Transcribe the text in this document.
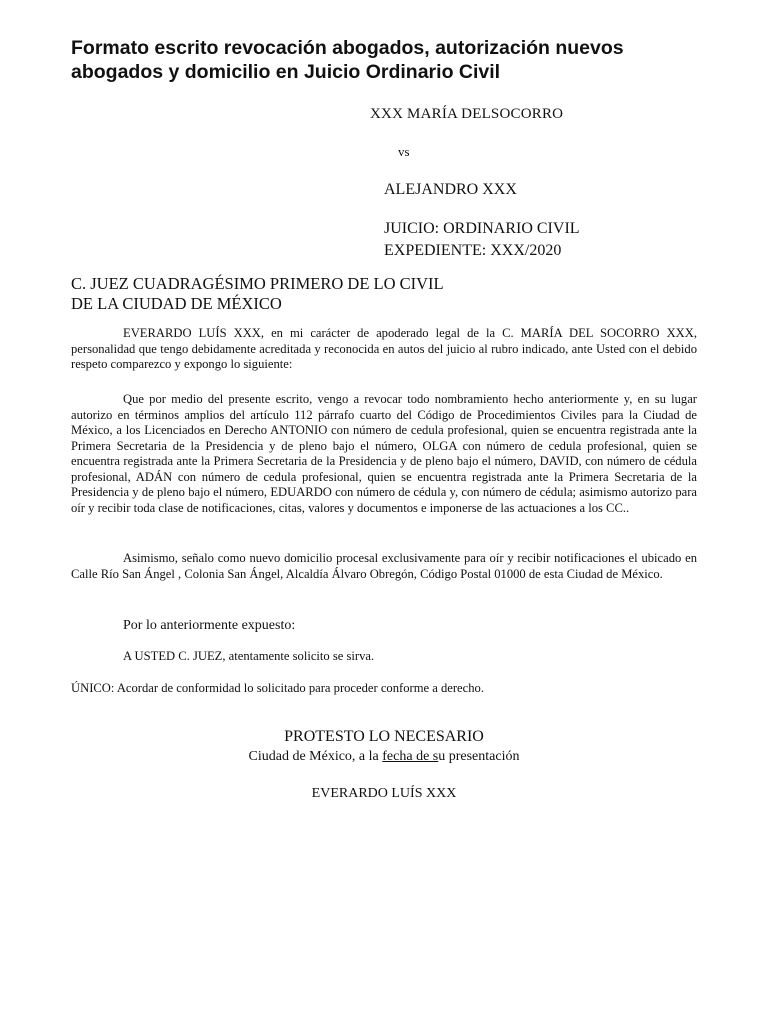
Formato escrito revocación abogados, autorización nuevos abogados y domicilio en Juicio Ordinario Civil
XXX MARÍA DELSOCORRO
vs
ALEJANDRO XXX
JUICIO: ORDINARIO CIVIL
EXPEDIENTE: XXX/2020
C. JUEZ CUADRAGÉSIMO PRIMERO DE LO CIVIL
DE LA CIUDAD DE MÉXICO

EVERARDO LUÍS XXX, en mi carácter de apoderado legal de la C. MARÍA DEL SOCORRO XXX, personalidad que tengo debidamente acreditada y reconocida en autos del juicio al rubro indicado, ante Usted con el debido respeto comparezco y expongo lo siguiente:

Que por medio del presente escrito, vengo a revocar todo nombramiento hecho anteriormente y, en su lugar autorizo en términos amplios del artículo 112 párrafo cuarto del Código de Procedimientos Civiles para la Ciudad de México, a los Licenciados en Derecho ANTONIO con número de cedula profesional, quien se encuentra registrada ante la Primera Secretaria de la Presidencia y de pleno bajo el número, OLGA con número de cedula profesional, quien se encuentra registrada ante la Primera Secretaria de la Presidencia y de pleno bajo el número, DAVID, con número de cédula profesional, ADÁN con número de cedula profesional, quien se encuentra registrada ante la Primera Secretaria de la Presidencia y de pleno bajo el número, EDUARDO con número de cédula y, con número de cédula; asimismo autorizo para oír y recibir toda clase de notificaciones, citas, valores y documentos e imponerse de las actuaciones a los CC..

Asimismo, señalo como nuevo domicilio procesal exclusivamente para oír y recibir notificaciones el ubicado en Calle Río San Ángel , Colonia San Ángel, Alcaldía Álvaro Obregón, Código Postal 01000 de esta Ciudad de México.

Por lo anteriormente expuesto:
A USTED C. JUEZ, atentamente solicito se sirva.
ÚNICO: Acordar de conformidad lo solicitado para proceder conforme a derecho.
PROTESTO LO NECESARIO
Ciudad de México, a la fecha de su presentación
EVERARDO LUÍS XXX
